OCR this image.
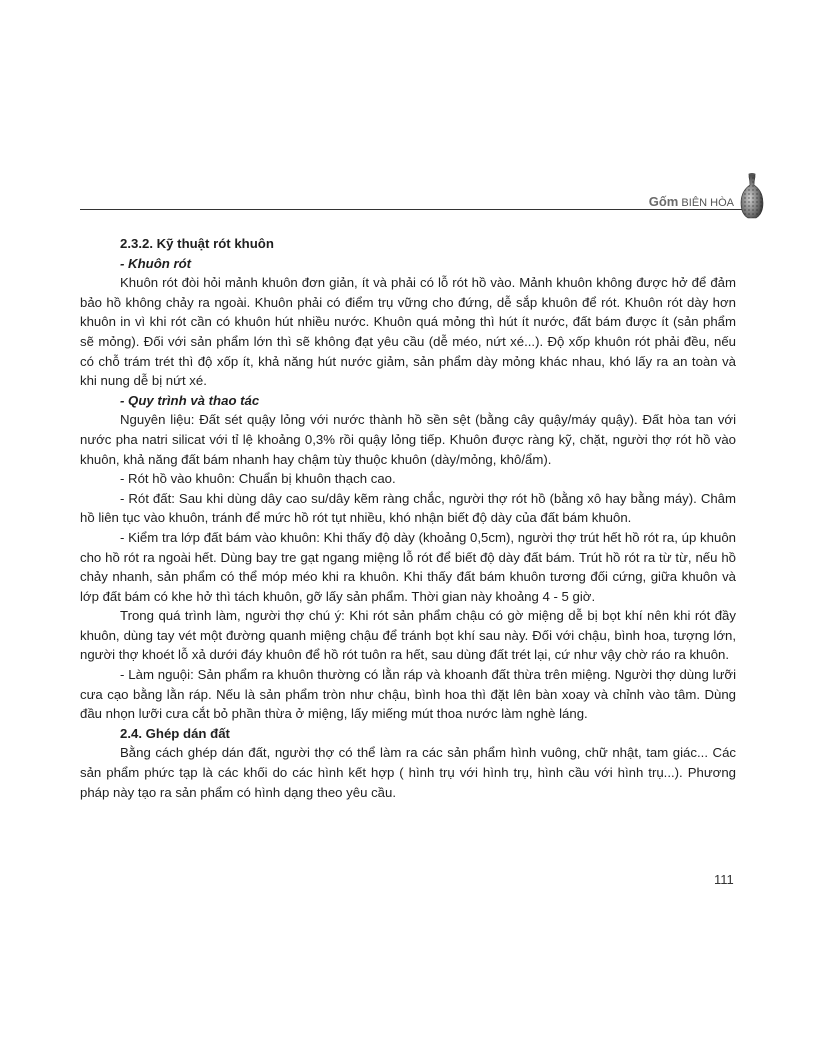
Gốm BIÊN HÒA

2.3.2. Kỹ thuật rót khuôn

- Khuôn rót

Khuôn rót đòi hỏi mảnh khuôn đơn giản, ít và phải có lỗ rót hồ vào. Mảnh khuôn không được hở để đảm bảo hồ không chảy ra ngoài. Khuôn phải có điểm trụ vững cho đứng, dễ sắp khuôn để rót. Khuôn rót dày hơn khuôn in vì khi rót cần có khuôn hút nhiều nước. Khuôn quá mỏng thì hút ít nước, đất bám được ít (sản phẩm sẽ mỏng). Đối với sản phẩm lớn thì sẽ không đạt yêu cầu (dễ méo, nứt xé...). Độ xốp khuôn rót phải đều, nếu có chỗ trám trét thì độ xốp ít, khả năng hút nước giảm, sản phẩm dày mỏng khác nhau, khó lấy ra an toàn và khi nung dễ bị nứt xé.

- Quy trình và thao tác

Nguyên liệu: Đất sét quậy lỏng với nước thành hồ sền sệt (bằng cây quậy/máy quậy). Đất hòa tan với nước pha natri silicat với tỉ lệ khoảng 0,3% rồi quậy lỏng tiếp. Khuôn được ràng kỹ, chặt, người thợ rót hồ vào khuôn, khả năng đất bám nhanh hay chậm tùy thuộc khuôn (dày/mỏng, khô/ẩm).

- Rót hồ vào khuôn: Chuẩn bị khuôn thạch cao.

- Rót đất: Sau khi dùng dây cao su/dây kẽm ràng chắc, người thợ rót hồ (bằng xô hay bằng máy). Châm hồ liên tục vào khuôn, tránh để mức hồ rót tụt nhiều, khó nhận biết độ dày của đất bám khuôn.

- Kiểm tra lớp đất bám vào khuôn: Khi thấy độ dày (khoảng 0,5cm), người thợ trút hết hồ rót ra, úp khuôn cho hồ rót ra ngoài hết. Dùng bay tre gạt ngang miệng lỗ rót để biết độ dày đất bám. Trút hồ rót ra từ từ, nếu hồ chảy nhanh, sản phẩm có thể móp méo khi ra khuôn. Khi thấy đất bám khuôn tương đối cứng, giữa khuôn và lớp đất bám có khe hở thì tách khuôn, gỡ lấy sản phẩm. Thời gian này khoảng 4 - 5 giờ.

Trong quá trình làm, người thợ chú ý: Khi rót sản phẩm chậu có gờ miệng dễ bị bọt khí nên khi rót đầy khuôn, dùng tay vét một đường quanh miệng chậu để tránh bọt khí sau này. Đối với chậu, bình hoa, tượng lớn, người thợ khoét lỗ xả dưới đáy khuôn để hồ rót tuôn ra hết, sau dùng đất trét lại, cứ như vậy chờ ráo ra khuôn.

- Làm nguội: Sản phẩm ra khuôn thường có lằn ráp và khoanh đất thừa trên miệng. Người thợ dùng lưỡi cưa cạo bằng lằn ráp. Nếu là sản phẩm tròn như chậu, bình hoa thì đặt lên bàn xoay và chỉnh vào tâm. Dùng đầu nhọn lưỡi cưa cắt bỏ phần thừa ở miệng, lấy miếng mút thoa nước làm nghè láng.

2.4. Ghép dán đất

Bằng cách ghép dán đất, người thợ có thể làm ra các sản phẩm hình vuông, chữ nhật, tam giác... Các sản phẩm phức tạp là các khối do các hình kết hợp ( hình trụ với hình trụ, hình cầu với hình trụ...). Phương pháp này tạo ra sản phẩm có hình dạng theo yêu cầu.

111
